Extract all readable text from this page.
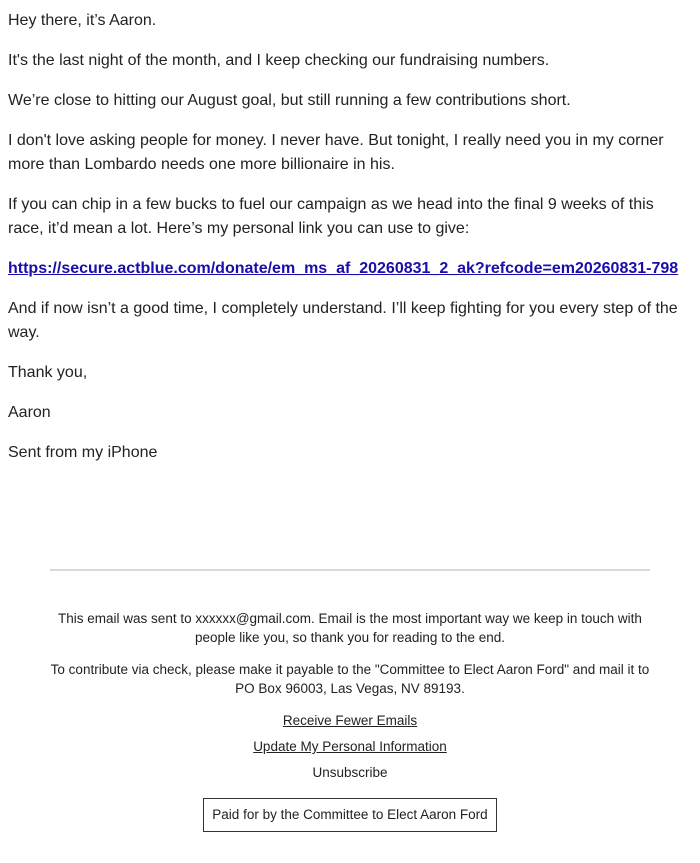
Hey there, it’s Aaron.

It's the last night of the month, and I keep checking our fundraising numbers.

We’re close to hitting our August goal, but still running a few contributions short.

I don't love asking people for money. I never have. But tonight, I really need you in my corner more than Lombardo needs one more billionaire in his.

If you can chip in a few bucks to fuel our campaign as we head into the final 9 weeks of this race, it’d mean a lot. Here’s my personal link you can use to give:

https://secure.actblue.com/donate/em_ms_af_20260831_2_ak?refcode=em20260831-798

And if now isn’t a good time, I completely understand. I’ll keep fighting for you every step of the way.

Thank you,

Aaron

Sent from my iPhone

This email was sent to xxxxxx@gmail.com. Email is the most important way we keep in touch with people like you, so thank you for reading to the end.

To contribute via check, please make it payable to the "Committee to Elect Aaron Ford" and mail it to PO Box 96003, Las Vegas, NV 89193.

Receive Fewer Emails
Update My Personal Information
Unsubscribe
Paid for by the Committee to Elect Aaron Ford
